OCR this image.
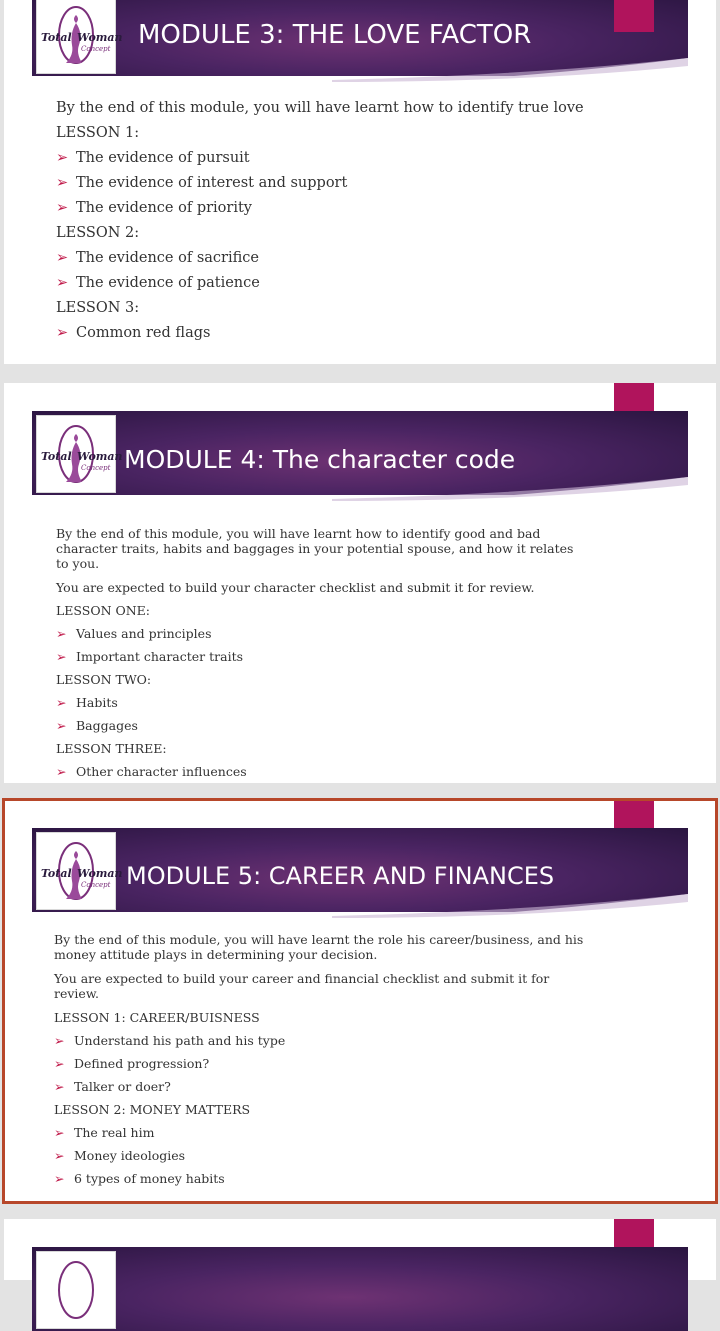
Total Woman
Concept MODULE 3: THE LOVE FACTOR

By the end of this module, you will have learnt how to identify true love

LESSON 1:

➢ The evidence of pursuit

➢ The evidence of interest and support

➢ The evidence of priority

LESSON 2:

➢ The evidence of sacrifice

➢ The evidence of patience

LESSON 3:

➢ Common red flags

Total Woman
Concept MODULE 4: The character code

By the end of this module, you will have learnt how to identify good and bad character traits, habits and baggages in your potential spouse, and how it relates to you.

You are expected to build your character checklist and submit it for review.

LESSON ONE:

➢ Values and principles

➢ Important character traits

LESSON TWO:

➢ Habits

➢ Baggages

LESSON THREE:

➢ Other character influences

Total Woman
Concept MODULE 5: CAREER AND FINANCES

By the end of this module, you will have learnt the role his career/business, and his money attitude plays in determining your decision.

You are expected to build your career and financial checklist and submit it for review.

LESSON 1: CAREER/BUISNESS

➢ Understand his path and his type

➢ Defined progression?

➢ Talker or doer?

LESSON 2: MONEY MATTERS

➢ The real him

➢ Money ideologies

➢ 6 types of money habits
